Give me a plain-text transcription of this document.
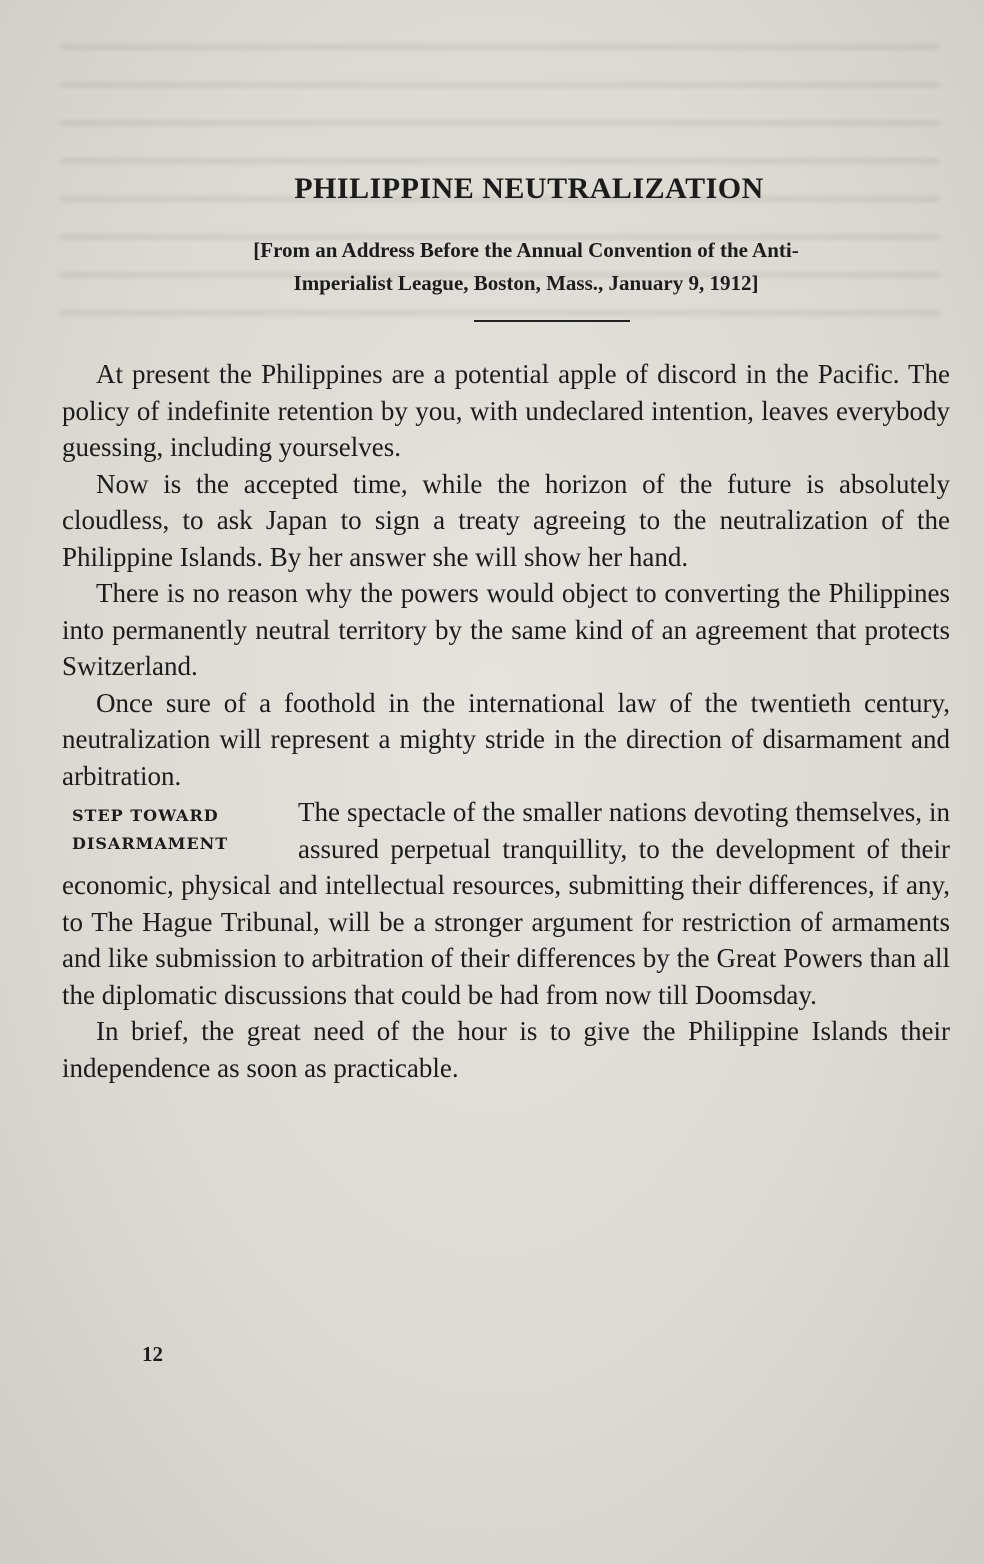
PHILIPPINE NEUTRALIZATION
[From an Address Before the Annual Convention of the Anti-
Imperialist League, Boston, Mass., January 9, 1912]

At present the Philippines are a potential apple of discord in the Pacific. The policy of indefinite retention by you, with undeclared intention, leaves everybody guessing, including yourselves.

Now is the accepted time, while the horizon of the future is absolutely cloudless, to ask Japan to sign a treaty agreeing to the neutralization of the Philippine Islands. By her answer she will show her hand.

There is no reason why the powers would object to converting the Philippines into permanently neutral territory by the same kind of an agreement that protects Switzerland.

Once sure of a foothold in the international law of the twentieth century, neutralization will represent a mighty stride in the direction of disarmament and arbitration.

STEP TOWARD
DISARMAMENT
The spectacle of the smaller nations devoting themselves, in assured perpetual tranquillity, to the development of their economic, physical and intellectual resources, submitting their differences, if any, to The Hague Tribunal, will be a stronger argument for restriction of armaments and like submission to arbitration of their differences by the Great Powers than all the diplomatic discussions that could be had from now till Doomsday.

In brief, the great need of the hour is to give the Philippine Islands their independence as soon as practicable.

12
